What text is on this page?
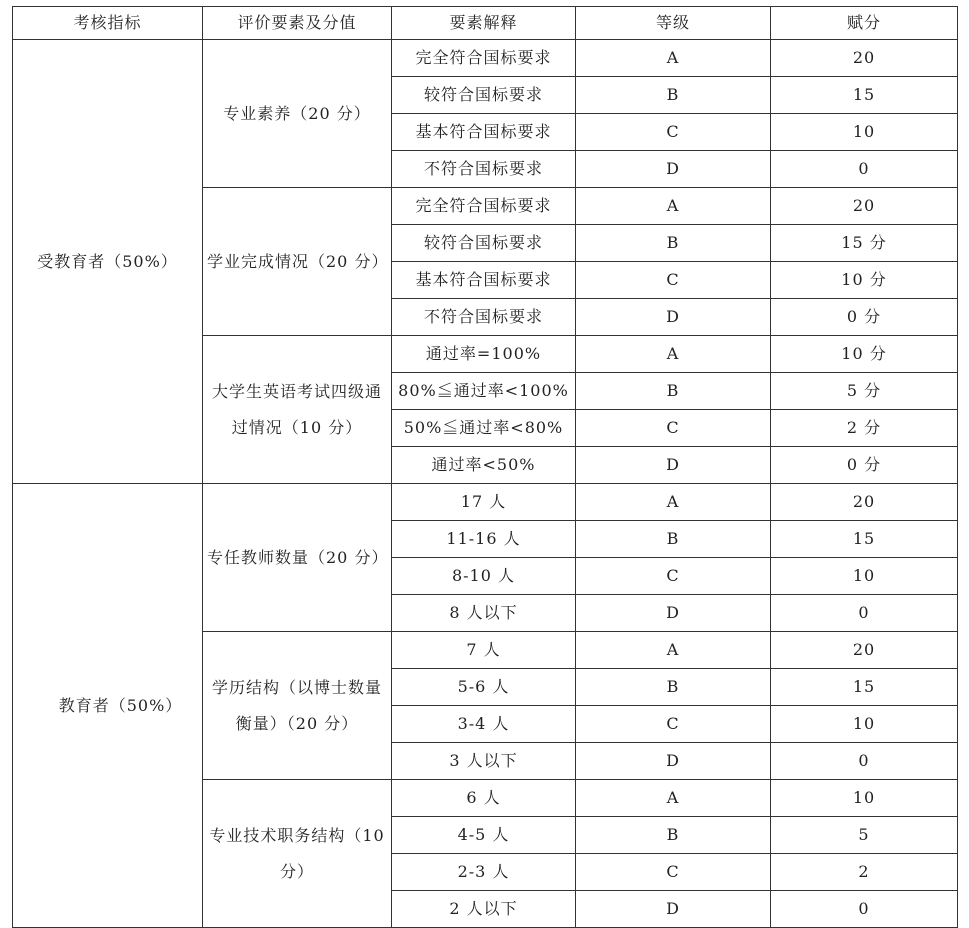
考核指标	评价要素及分值	要素解释	等级	赋分
受教育者（50%）	专业素养（20 分）	完全符合国标要求	A	20
		较符合国标要求	B	15
		基本符合国标要求	C	10
		不符合国标要求	D	0
	学业完成情况（20 分）	完全符合国标要求	A	20
		较符合国标要求	B	15 分
		基本符合国标要求	C	10 分
		不符合国标要求	D	0 分
	大学生英语考试四级通过情况（10 分）	通过率=100%	A	10 分
		80%≦通过率<100%	B	5 分
		50%≦通过率<80%	C	2 分
		通过率<50%	D	0 分
教育者（50%）	专任教师数量（20 分）	17 人	A	20
		11-16 人	B	15
		8-10 人	C	10
		8 人以下	D	0
	学历结构（以博士数量衡量）（20 分）	7 人	A	20
		5-6 人	B	15
		3-4 人	C	10
		3 人以下	D	0
	专业技术职务结构（10 分）	6 人	A	10
		4-5 人	B	5
		2-3 人	C	2
		2 人以下	D	0
